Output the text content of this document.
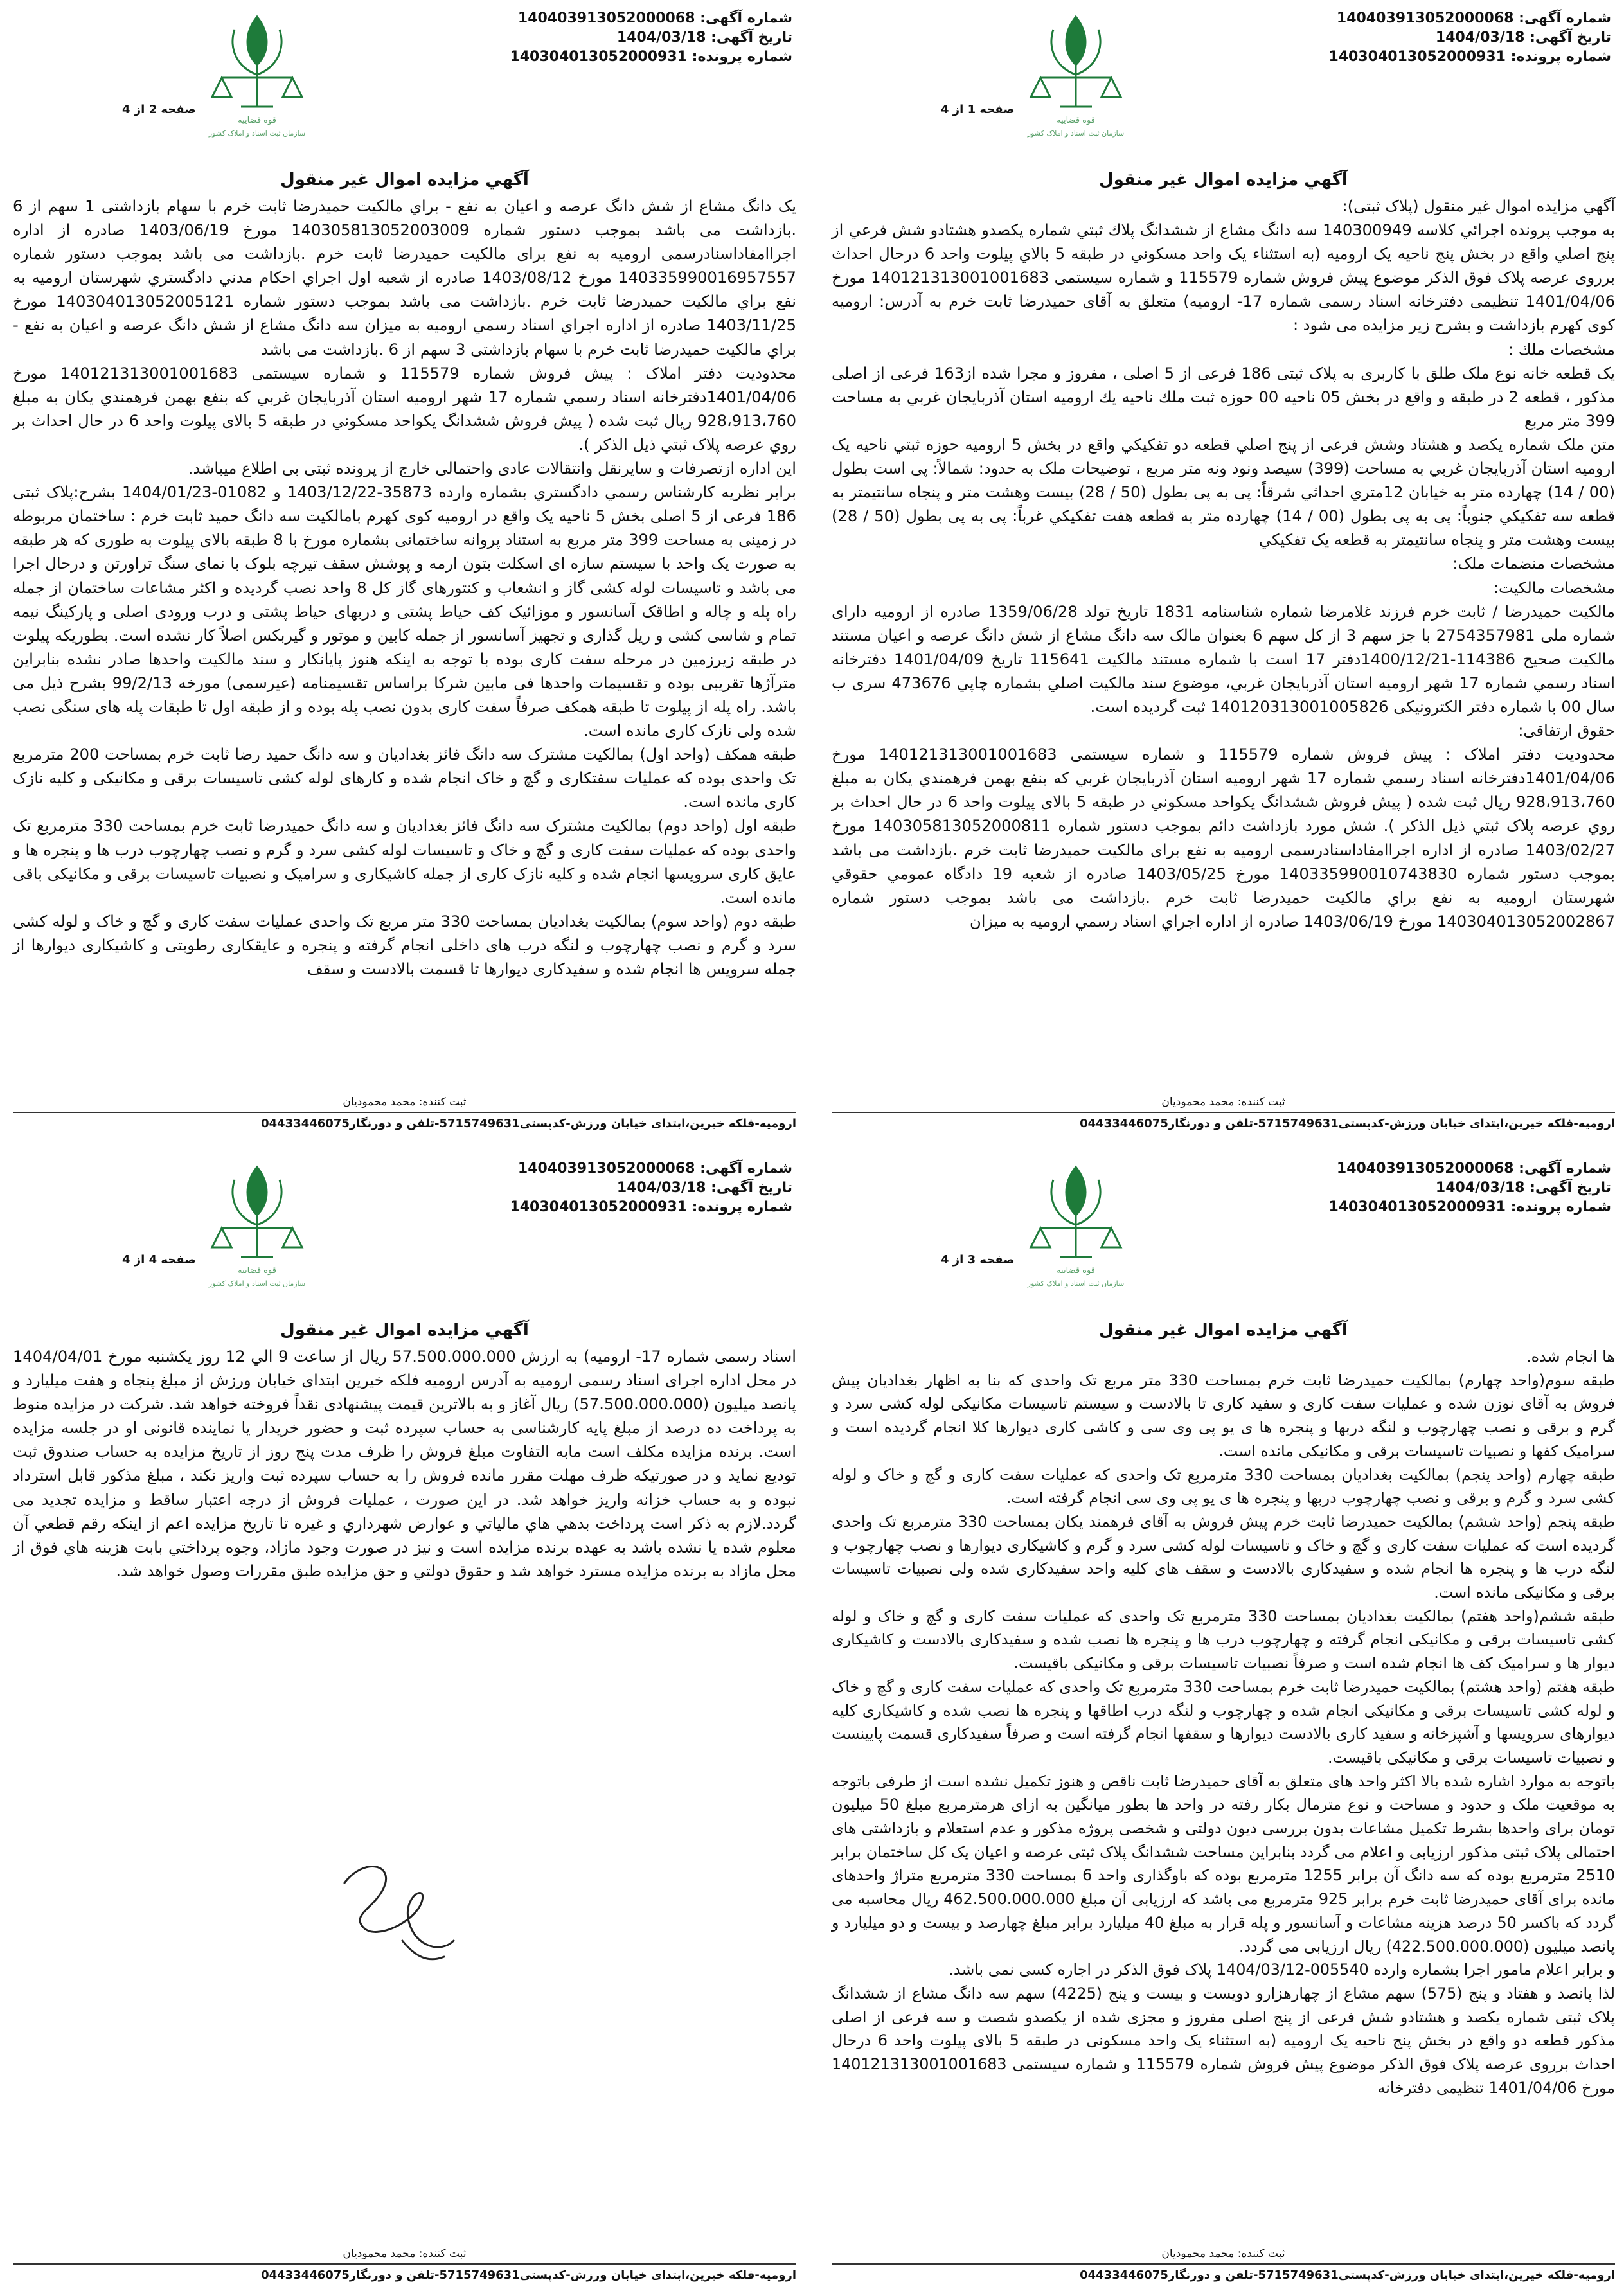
شماره آگهی: 140403913052000068
تاریخ آگهی: 1404/03/18
شماره پرونده: 140304013052000931
قوه قضاییه
سازمان ثبت اسناد و املاک کشور
صفحه 1 از 4
آگهي مزايده اموال غير منقول

آگهي مزايده اموال غير منقول (پلاک ثبتی):

به موجب پرونده اجرائي کلاسه 140300949 سه دانگ مشاع از ششدانگ پلاك ثبتي شماره يكصدو هشتادو شش فرعي از پنج اصلي واقع در بخش پنج ناحيه يک اروميه (به استثناء يک واحد مسکوني در طبقه 5 بالاي پيلوت واحد 6 درحال احداث برروی عرصه پلاک فوق الذکر موضوع پیش فروش شماره 115579 و شماره سیستمی 140121313001001683 مورخ 1401/04/06 تنظیمی دفترخانه اسناد رسمی شماره 17- ارومیه) متعلق به آقای حمیدرضا ثابت خرم به آدرس: ارومیه کوی کهرم بازداشت و بشرح زیر مزایده می شود :

مشخصات ملك :

يک قطعه خانه نوع ملک طلق با کاربری به پلاک ثبتی 186 فرعی از 5 اصلی ، مفروز و مجرا شده از163 فرعی از اصلی مذکور ، قطعه 2 در طبقه و واقع در بخش 05 ناحیه 00 حوزه ثبت ملك ناحيه يك اروميه استان آذربايجان غربي به مساحت 399 متر مربع

متن ملک شماره يکصد و هشتاد وشش فرعی از پنج اصلي قطعه دو تفکيکي واقع در بخش 5 اروميه حوزه ثبتي ناحيه يک اروميه استان آذربايجان غربي به مساحت (399) سيصد ونود ونه متر مربع ، توضيحات ملک به حدود: شمالاً: پی است بطول (00 / 14) چهارده متر به خيابان 12متري احداثي شرقاً: پی به پی بطول (50 / 28) بيست وهشت متر و پنجاه سانتيمتر به قطعه سه تفکيکي جنوباً: پی به پی بطول (00 / 14) چهارده متر به قطعه هفت تفکيکي غرباً: پی به پی بطول (50 / 28) بيست وهشت متر و پنجاه سانتيمتر به قطعه يک تفکيکي

مشخصات منضمات ملک:

مشخصات مالکيت:

مالکيت حميدرضا / ثابت خرم فرزند غلامرضا شماره شناسنامه 1831 تاريخ تولد 1359/06/28 صادره از اروميه دارای شماره ملی 2754357981 با جز سهم 3 از کل سهم 6 بعنوان مالک سه دانگ مشاع از شش دانگ عرصه و اعيان مستند مالکيت صحيح 114386-1400/12/21دفتر 17 است با شماره مستند مالکيت 115641 تاريخ 1401/04/09 دفترخانه اسناد رسمي شماره 17 شهر اروميه استان آذربايجان غربي، موضوع سند مالکيت اصلي بشماره چاپي 473676 سری ب سال 00 با شماره دفتر الکترونيکی 140120313001005826 ثبت گرديده است.

حقوق ارتفاقی:

محدوديت دفتر املاک : پيش فروش شماره 115579 و شماره سيستمی 140121313001001683 مورخ 1401/04/06دفترخانه اسناد رسمي شماره 17 شهر اروميه استان آذربايجان غربي كه بنفع بهمن فرهمندي يكان به مبلغ 928،913،760 ريال ثبت شده ( پيش فروش ششدانگ يکواحد مسکوني در طبقه 5 بالای پيلوت واحد 6 در حال احداث بر روي عرصه پلاک ثبتي ذيل الذکر ). شش مورد بازداشت دائم بموجب دستور شماره 140305813052000811 مورخ 1403/02/27 صادره از اداره اجراامفاداسنادرسمی اروميه به نفع برای مالکيت حميدرضا ثابت خرم .بازداشت می باشد بموجب دستور شماره 140335990010743830 مورخ 1403/05/25 صادره از شعبه 19 دادگاه عمومي حقوقي شهرستان اروميه به نفع براي مالکيت حميدرضا ثابت خرم .بازداشت می باشد بموجب دستور شماره 140304013052002867 مورخ 1403/06/19 صادره از اداره اجراي اسناد رسمي اروميه به ميزان

ثبت کننده: محمد محموديان
ارومیه-فلکه خیرین،ابتدای خیابان ورزش-کدپستی5715749631-تلفن و دورنگار04433446075
شماره آگهی: 140403913052000068
تاریخ آگهی: 1404/03/18
شماره پرونده: 140304013052000931
قوه قضاییه
سازمان ثبت اسناد و املاک کشور
صفحه 2 از 4
آگهي مزايده اموال غير منقول

يک دانگ مشاع از شش دانگ عرصه و اعيان به نفع - براي مالکيت حميدرضا ثابت خرم با سهام بازداشتی 1 سهم از 6 .بازداشت می باشد بموجب دستور شماره 140305813052003009 مورخ 1403/06/19 صادره از اداره اجراامفاداسنادرسمی اروميه به نفع برای مالکيت حميدرضا ثابت خرم .بازداشت می باشد بموجب دستور شماره 140335990016957557 مورخ 1403/08/12 صادره از شعبه اول اجراي احکام مدني دادگستري شهرستان اروميه به نفع براي مالکيت حميدرضا ثابت خرم .بازداشت می باشد بموجب دستور شماره 140304013052005121 مورخ 1403/11/25 صادره از اداره اجراي اسناد رسمي اروميه به ميزان سه دانگ مشاع از شش دانگ عرصه و اعيان به نفع - براي مالکيت حميدرضا ثابت خرم با سهام بازداشتی 3 سهم از 6 .بازداشت می باشد

محدوديت دفتر املاک : پيش فروش شماره 115579 و شماره سيستمی 140121313001001683 مورخ 1401/04/06دفترخانه اسناد رسمي شماره 17 شهر اروميه استان آذربايجان غربي كه بنفع بهمن فرهمندي يكان به مبلغ 928،913،760 ريال ثبت شده ( پيش فروش ششدانگ يکواحد مسکوني در طبقه 5 بالای پيلوت واحد 6 در حال احداث بر روي عرصه پلاک ثبتي ذيل الذکر ).

این اداره ازتصرفات و سایرنقل وانتقالات عادی واحتمالی خارج از پرونده ثبتی بی اطلاع میباشد.

برابر نظریه کارشناس رسمي دادگستري بشماره وارده 35873-1403/12/22 و 01082-1404/01/23 بشرح:پلاک ثبتی 186 فرعی از 5 اصلی بخش 5 ناحیه یک واقع در ارومیه کوی کهرم بامالکیت سه دانگ حمید ثابت خرم : ساختمان مربوطه در زمینی به مساحت 399 متر مربع به استناد پروانه ساختمانی بشماره مورخ با 8 طبقه بالای پیلوت به طوری که هر طبقه به صورت یک واحد با سیستم سازه ای اسکلت بتون ارمه و پوشش سقف تیرچه بلوک با نمای سنگ تراورتن و درحال اجرا می باشد و تاسیسات لوله کشی گاز و انشعاب و کنتورهای گاز کل 8 واحد نصب گردیده و اکثر مشاعات ساختمان از جمله راه پله و چاله و اطاقک آسانسور و موزائیک کف حیاط پشتی و دربهای حیاط پشتی و درب ورودی اصلی و پارکینگ نیمه تمام و شاسی کشی و ریل گذاری و تجهیز آسانسور از جمله کابین و موتور و گیربکس اصلاً کار نشده است. بطوریکه پیلوت در طبقه زیرزمین در مرحله سفت کاری بوده با توجه به اینکه هنوز پایانکار و سند مالکیت واحدها صادر نشده بنابراین مترآژها تقریبی بوده و تقسیمات واحدها فی مابین شرکا براساس تقسیمنامه (عیرسمی) مورخه 99/2/13 بشرح ذیل می باشد. راه پله از پیلوت تا طبقه همکف صرفاً سفت کاری بدون نصب پله بوده و از طبقه اول تا طبقات پله های سنگی نصب شده ولی نازک کاری مانده است.

طبقه همکف (واحد اول) بمالکیت مشترک سه دانگ فائز بغدادیان و سه دانگ حمید رضا ثابت خرم بمساحت 200 مترمربع تک واحدی بوده که عملیات سفتکاری و گچ و خاک انجام شده و کارهای لوله کشی تاسیسات برقی و مکانیکی و کلیه نازک کاری مانده است.

طبقه اول (واحد دوم) بمالکیت مشترک سه دانگ فائز بغدادیان و سه دانگ حمیدرضا ثابت خرم بمساحت 330 مترمربع تک واحدی بوده که عملیات سفت کاری و گچ و خاک و تاسیسات لوله کشی سرد و گرم و نصب چهارچوب درب ها و پنجره ها و عایق کاری سرویسها انجام شده و کلیه نازک کاری از جمله کاشیکاری و سرامیک و نصبیات تاسیسات برقی و مکانیکی باقی مانده است.

طبقه دوم (واحد سوم) بمالکیت بغدادیان بمساحت 330 متر مربع تک واحدی عملیات سفت کاری و گچ و خاک و لوله کشی سرد و گرم و نصب چهارچوب و لنگه درب های داخلی انجام گرفته و پنجره و عایقکاری رطوبتی و کاشیکاری دیوارها از جمله سرویس ها انجام شده و سفیدکاری دیوارها تا قسمت بالادست و سقف

ثبت کننده: محمد محموديان
ارومیه-فلکه خیرین،ابتدای خیابان ورزش-کدپستی5715749631-تلفن و دورنگار04433446075
شماره آگهی: 140403913052000068
تاریخ آگهی: 1404/03/18
شماره پرونده: 140304013052000931
قوه قضاییه
سازمان ثبت اسناد و املاک کشور
صفحه 3 از 4
آگهي مزايده اموال غير منقول

ها انجام شده.

طبقه سوم(واحد چهارم) بمالکیت حمیدرضا ثابت خرم بمساحت 330 متر مربع تک واحدی که بنا به اظهار بغدادیان پیش فروش به آقای نوزن شده و عملیات سفت کاری و سفید کاری تا بالادست و سیستم تاسیسات مکانیکی لوله کشی سرد و گرم و برقی و نصب چهارچوب و لنگه دربها و پنجره ها ی یو پی وی سی و کاشی کاری دیوارها کلا انجام گردیده است و سرامیک کفها و نصبیات تاسیسات برقی و مکانیکی مانده است.

طبقه چهارم (واحد پنجم) بمالکیت بغدادیان بمساحت 330 مترمربع تک واحدی که عملیات سفت کاری و گچ و خاک و لوله کشی سرد و گرم و برقی و نصب چهارچوب دربها و پنجره ها ی یو پی وی سی انجام گرفته است.

طبقه پنجم (واحد ششم) بمالکیت حمیدرضا ثابت خرم پیش فروش به آقای فرهمند یکان بمساحت 330 مترمربع تک واحدی گردیده است که عملیات سفت کاری و گچ و خاک و تاسیسات لوله کشی سرد و گرم و کاشیکاری دیوارها و نصب چهارچوب و لنگه درب ها و پنجره ها انجام شده و سفیدکاری بالادست و سقف های کلیه واحد سفیدکاری شده ولی نصبیات تاسیسات برقی و مکانیکی مانده است.

طبقه ششم(واحد هفتم) بمالکیت بغدادیان بمساحت 330 مترمربع تک واحدی که عملیات سفت کاری و گچ و خاک و لوله کشی تاسیسات برقی و مکانیکی انجام گرفته و چهارچوب درب ها و پنجره ها نصب شده و سفیدکاری بالادست و کاشیکاری دیوار ها و سرامیک کف ها انجام شده است و صرفاً نصبیات تاسیسات برقی و مکانیکی باقیست.

طبقه هفتم (واحد هشتم) بمالکیت حمیدرضا ثابت خرم بمساحت 330 مترمربع تک واحدی که عملیات سفت کاری و گچ و خاک و لوله کشی تاسیسات برقی و مکانیکی انجام شده و چهارچوب و لنگه درب اطاقها و پنجره ها نصب شده و کاشیکاری کلیه دیوارهای سرویسها و آشپزخانه و سفید کاری بالادست دیوارها و سقفها انجام گرفته است و صرفاً سفیدکاری قسمت پایینست و نصبیات تاسیسات برقی و مکانیکی باقیست.

باتوجه به موارد اشاره شده بالا اکثر واحد های متعلق به آقای حمیدرضا ثابت ناقص و هنوز تکمیل نشده است از طرفی باتوجه به موقعیت ملک و حدود و مساحت و نوع مترمال بکار رفته در واحد ها بطور میانگین به ازای هرمترمربع مبلغ 50 میلیون تومان برای واحدها بشرط تکمیل مشاعات بدون بررسی دیون دولتی و شخصی پروژه مذکور و عدم استعلام و بازداشتی های احتمالی پلاک ثبتی مذکور ارزیابی و اعلام می گردد بنابراین مساحت ششدانگ پلاک ثبتی عرصه و اعیان یک کل ساختمان برابر 2510 مترمربع بوده که سه دانگ آن برابر 1255 مترمربع بوده که باوگذاری واحد 6 بمساحت 330 مترمربع متراژ واحدهای مانده برای آقای حمیدرضا ثابت خرم برابر 925 مترمربع می باشد که ارزیابی آن مبلغ 462.500.000.000 ريال محاسبه می گردد که باکسر 50 درصد هزینه مشاعات و آسانسور و پله قرار به مبلغ 40 میلیارد برابر مبلغ چهارصد و بیست و دو میلیارد و پانصد میلیون (422.500.000.000) ريال ارزیابی می گردد.

و برابر اعلام مامور اجرا بشماره وارده 005540-1404/03/12 پلاک فوق الذکر در اجاره کسی نمی باشد.

لذا پانصد و هفتاد و پنج (575) سهم مشاع از چهارهزارو دویست و بیست و پنج (4225) سهم سه دانگ مشاع از ششدانگ پلاک ثبتی شماره یکصد و هشتادو شش فرعی از پنج اصلی مفروز و مجزی شده از یکصدو شصت و سه فرعی از اصلی مذکور قطعه دو واقع در بخش پنج ناحیه یک ارومیه (به استثناء یک واحد مسکونی در طبقه 5 بالای پیلوت واحد 6 درحال احداث برروی عرصه پلاک فوق الذکر موضوع پیش فروش شماره 115579 و شماره سیستمی 140121313001001683 مورخ 1401/04/06 تنظیمی دفترخانه

ثبت کننده: محمد محموديان
ارومیه-فلکه خیرین،ابتدای خیابان ورزش-کدپستی5715749631-تلفن و دورنگار04433446075
شماره آگهی: 140403913052000068
تاریخ آگهی: 1404/03/18
شماره پرونده: 140304013052000931
قوه قضاییه
سازمان ثبت اسناد و املاک کشور
صفحه 4 از 4
آگهي مزايده اموال غير منقول

اسناد رسمی شماره 17- ارومیه) به ارزش 57.500.000.000 ریال از ساعت 9 الي 12 روز يکشنبه مورخ 1404/04/01 در محل اداره اجرای اسناد رسمی ارومیه به آدرس ارومیه فلکه خیرین ابتدای خیابان ورزش از مبلغ پنجاه و هفت ميليارد و پانصد ميليون (57.500.000.000) ريال آغاز و به بالاترين قيمت پيشنهادی نقداً فروخته خواهد شد. شرکت در مزایده منوط به پرداخت ده درصد از مبلغ پایه کارشناسی به حساب سپرده ثبت و حضور خریدار یا نماینده قانونی او در جلسه مزایده است. برنده مزایده مکلف است مابه التفاوت مبلغ فروش را ظرف مدت پنج روز از تاریخ مزایده به حساب صندوق ثبت تودیع نماید و در صورتیکه ظرف مهلت مقرر مانده فروش را به حساب سپرده ثبت واریز نکند ، مبلغ مذکور قابل استرداد نبوده و به حساب خزانه واریز خواهد شد. در این صورت ، عملیات فروش از درجه اعتبار ساقط و مزایده تجدید می گردد.لازم به ذکر است پرداخت بدهي هاي مالياتي و عوارض شهرداري و غيره تا تاريخ مزايده اعم از اينکه رقم قطعي آن معلوم شده يا نشده باشد به عهده برنده مزايده است و نيز در صورت وجود مازاد، وجوه پرداختي بابت هزينه هاي فوق از محل مازاد به برنده مزايده مسترد خواهد شد و حقوق دولتي و حق مزايده طبق مقررات وصول خواهد شد.

ثبت کننده: محمد محموديان
ارومیه-فلکه خیرین،ابتدای خیابان ورزش-کدپستی5715749631-تلفن و دورنگار04433446075
